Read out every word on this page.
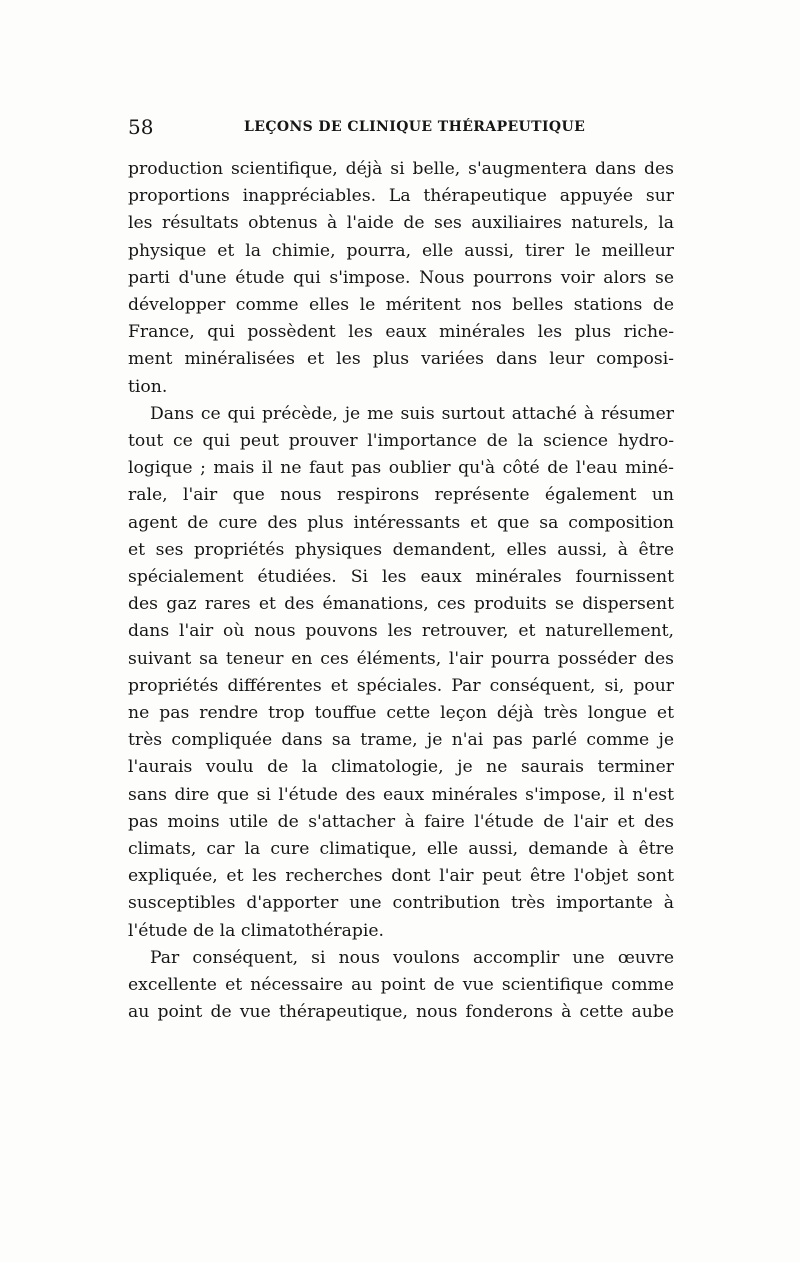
58	LEÇONS DE CLINIQUE THÉRAPEUTIQUE

production scientifique, déjà si belle, s'augmentera dans des
proportions inappréciables. La thérapeutique appuyée sur
les résultats obtenus à l'aide de ses auxiliaires naturels, la
physique et la chimie, pourra, elle aussi, tirer le meilleur
parti d'une étude qui s'impose. Nous pourrons voir alors se
développer comme elles le méritent nos belles stations de
France, qui possèdent les eaux minérales les plus riche-
ment minéralisées et les plus variées dans leur composi-
tion.

Dans ce qui précède, je me suis surtout attaché à résumer
tout ce qui peut prouver l'importance de la science hydro-
logique ; mais il ne faut pas oublier qu'à côté de l'eau miné-
rale, l'air que nous respirons représente également un
agent de cure des plus intéressants et que sa composition
et ses propriétés physiques demandent, elles aussi, à être
spécialement étudiées. Si les eaux minérales fournissent
des gaz rares et des émanations, ces produits se dispersent
dans l'air où nous pouvons les retrouver, et naturellement,
suivant sa teneur en ces éléments, l'air pourra posséder des
propriétés différentes et spéciales. Par conséquent, si, pour
ne pas rendre trop touffue cette leçon déjà très longue et
très compliquée dans sa trame, je n'ai pas parlé comme je
l'aurais voulu de la climatologie, je ne saurais terminer
sans dire que si l'étude des eaux minérales s'impose, il n'est
pas moins utile de s'attacher à faire l'étude de l'air et des
climats, car la cure climatique, elle aussi, demande à être
expliquée, et les recherches dont l'air peut être l'objet sont
susceptibles d'apporter une contribution très importante à
l'étude de la climatothérapie.

Par conséquent, si nous voulons accomplir une œuvre
excellente et nécessaire au point de vue scientifique comme
au point de vue thérapeutique, nous fonderons à cette aube
